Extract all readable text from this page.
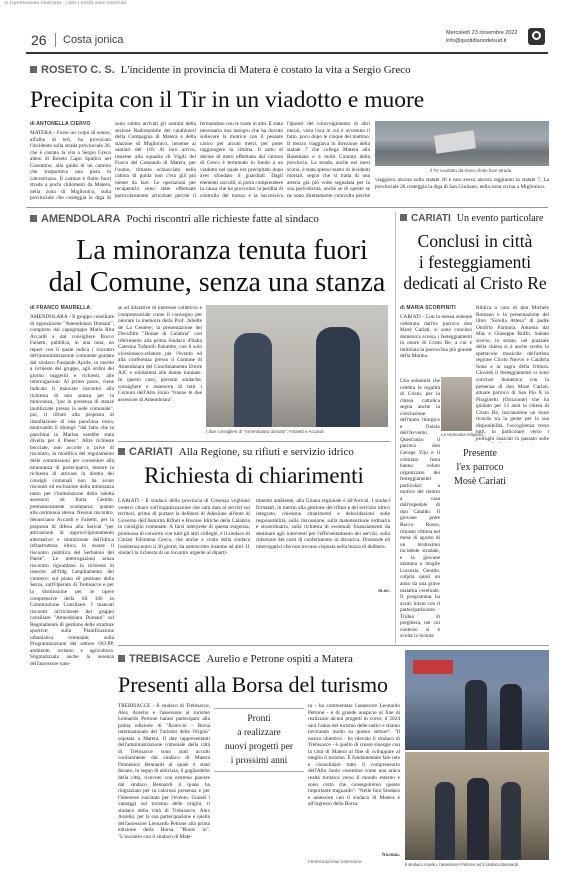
© riproduzione riservata - Tutti i diritti sono riservati
26 Costa jonica
Mercoledì 23 novembre 2022
info@quotidianodelsud.it
ROSETO C. S. L'incidente in provincia di Matera è costato la vita a Sergio Greco
Precipita con il Tir in un viadotto e muore
di ANTONELLA CIERVO
MATERA - Forse un colpo di sonno, all'alba di ieri, ha provocato l'incidente sulla strada provinciale 26, che è costato la vita a Sergio Greco aleno di Roseto Capo Spulico nel Cosentino, alla guida di un camion che trasportava una pista in calcestruzzo. Il camion è finito fuori strada a pochi chilometri da Matera, nella zona di Miglionico, sulla provinciale che costeggia la diga di
sono subito arrivati gli uomini della sezione Radiomobile dei carabinieri della Compagnia di Matera e della stazione di Miglionico, insieme ai sanitari del 118. Al loro arrivo, insieme alla squadra di Vigili del Fuoco del Comando di Matera, per l'uomo, rimasto schiacciato nella cabina di guida non c'era già più niente da fare. Le operazioni per recuperarlo sono state effettuate particolarmente articolate perché il
fermandose con le ruote in alto. È stata necessaria una autogru che ha dovuto sollevare la motrice con il pesante carico per alcuni metri, per poter raggiungere la vittima. Il salto di decine di metri effettuato dal camion di Greco è terminato in fondo a un viadotto nel quale era precipitato dopo aver sfondato il guardrail. Dagli elementi raccolti, si potrà comprendere la causa che ha provocato la perdita di controllo del mezzo e la successiva
l'ipotesi del coinvolgimento di altri mezzi, vista l'ora in cui è avvenuto il fatto, poco dopo le cinque del mattino. Il mezzo viaggiava in direzione della statale 7 che collega Matera alla Basentana e a molti Comuni della provincia. La strada, anche nei mesi scorsi, è stata spesso teatro di incidenti mortali, segno che si tratta di una arteria già più volte segnalata per la sua pericolosità, anche se di questo se ne sono direttamente coinvolta perché
Il Tir condotto da Greco finito fuori strada
viaggiava ancora sulla statale 26 e non aveva ancora raggiunto la statale 7. La provinciale 26 costeggia la diga di San Giuliano, nella zona vicina a Miglionico.
AMENDOLARA Pochi riscontri alle richieste fatte al sindaco
La minoranza tenuta fuori
dal Comune, senza una stanza
di FRANCO MAURELLA
AMENDOLARA - Il gruppo consiliare di opposizione "Amendolara Domani", composto dal capogruppo Maria Rita Accardi e dal consigliere Rocco Falsetti, pubblica, in una nota, un report con il quale indica i riscontri dell'amministrazione comunale guidata dal sindaco Pasquale Aprile, in merito a richieste del gruppo, agli ordini del giorno suggeriti e richiesti, alle interrogazioni. Al primo posto, viene indicato il mancato riscontro alla richiesta di una stanza per la minoranza, "pur in presenza di stanze inutilizzate presso la sede comunale", poi, il rifiuto alla proposta di installazione di una panchina rossa, motivando il diniego "dal fatto che la panchina in Marina sarebbe stata divelta per il Paese". Altre richieste bocciate, non accolte o prive di riscontro, la modifica del regolamento delle commissioni per consentire alla minoranza di parteciparvi, mentre la richiesta di attivare la diretta dei consigli comunali non ha avuto riscontri ed esclusione della minoranza tanto per l'intitolazione della saletta assessori ad Ilaria Gentile, prematuramente scomparsa; quanto alla cerimonia stessa. Nessun riscontro, denunciano Accardi e Falsetti, per la proposta di difesa alla Sorical "per attivazione di approvvigionamento alternativo e immissione dell'idrica infrastruttura idrica in essere il riscontro pubblica del Serbatoio del Paese". Le interrogazioni senza riscontro riguardano la richiesta di inserire all'Odg l'ampliamento del cimitero; sul piano di gestione della Sezza, sull'Operato di Trebisacce e per la dismissione per le opere comprensive della SS 106 in Commissione Consiliare. I mancati riscontri all'richieste del gruppo consiliare "Amendolara Domani" sul Regolamento di gestione delle strutture sportive; sulla Pianificazione urbanistica comunale; sulla Programmazione del settore OO.PP, ambiente, turismo e agricoltura. Stigmatizzata anche la assenza dell'assessore nato-
se ad iniziative di interesse collettivo e comprensoriale come il convegno per onorare la memoria della Prof. Juliette de La Genière; la presentazione del Docufilm "Donne di Calabria" con riferimento alla prima Sindaco d'Italia Caterina Tufarelli Palumbo, con il solo vicesindaco-relatore per l'evento ed alla conferenza presso il Comune di Amendolara del Coordinamento Ettore AJC e solidarietà alle donne iraniane. In questo caso, presenti sindache, consigliere e assessore di tutti i Comuni dell'Alto Jonio "tranne le due assessore di Amendolara".
I due consiglieri di "Amendolara domani", Falsetti e Accardi
CARIATI Un evento particolare
Conclusi in città
i festeggiamenti
dedicati al Cristo Re
di MARIA SCORPINITI
CARIATI - Con la messa solenne celebrata dall'ex parroco don Mosè Cariati, si sono conclusi domenica scorsa i festeggiamenti in onore di Cristo Re, a cui è intitolata la parrocchia più grande della Marina.
Una solennità che celebra la regalità di Cristo, per la chiesa cattolica segna anche la conclusione dell'anno liturgico e l'inizio dell'Avvento. Quest'anno il parroco don George Yiju e il comitato festa hanno voluto organizzare dei festeggiamenti particolari a motivo del rientro a casa dall'ospedale di don Cataldo. Il giovane prete Rocco Russo, rimasto vittima nel mese di agosto di un brutissimo incidente stradale, e la giovane mamma e moglie Lucrezia Gentile, colpita quasi un anno da una grave malattia cerebrale. Il programma ha avuto inizio con il partecipatissimo Triduo di preghiera, nel cui contesto si è svolta la Scuola
La cerimonia religiosa
Presente
l'ex parroco
Mosè Cariati
Biblica a cura di don Michele Romano e la presentazione del libro "Sorella Attesa" di padre Onofrio Farinola. Antonia dal Mas e Giuseppe Ruffo. Sabato scorso, in serata, nel piazzale della chiesa si è anche svolto lo spettacolo musicale dell'artista regione Cirolo Nuovo e Calabria Sona e la sagra della frittura. Giovedì il festeggiamenti si sono conclusi domenica con la presenza di don Mosè Cariati, attuale parroco di San Pio X in Piraginetti (Orizzonte) che ha guidato per 13 anni la chiesa di Cristo Re, lasciandone un buon ricordo tra la gente per la sua disponibilità, l'accoglienza verso tutti, in particolare verso i profughi sbarcati in passato sulle
CARIATI Alla Regione, su rifiuti e servizio idrico
Richiesta di chiarimenti
CARIATI - Il sindaco della provincia di Cosenza vogliono vederci chiaro sull'organizzazione che sarà data ai servizi sui territori, primo di portare la delibera di Adesione all'ente di Governo dell'Autorità Rifiuti e Risorse Idriche della Calabria in consiglio comunale. A farsi interprete di questa esigenza, promossa di concerto con tutti gli altri colleghi, è il sindaco di Cariati Filomena Greco, che anche a visita della sindaca l'esistenza entro il 30 giorni, ha sottoscritto insieme ad altri 31 sindaci la richiesta di un incontro urgente al diparti-
timento ambiente, alla Giunta regionale e all'Arrical. I sindaci firmatari, in merito alla gestione dei rifiuti e del servizio idrico integrato, chiedono chiarimenti e delucidazioni sulle responsabilità, sulla riscossione, sulla manutenzione ordinaria e straordinaria, sulla richiesta di eventuali finanziamenti da destinare agli interventi per l'efficientamento dei servizi, sulla riduzione dei costi di conferimento in discarica. Domande ed interrogativi che non trovano risposta nella bozza di delibera.
m.sc.
TREBISACCE Aurelio e Petrone ospiti a Matera
Presenti alla Borsa del turismo
TREBISACCE - Il sindaco di Trebisacce, Alex Aurelio e l'assessore al turismo Leonardo Petrone hanno partecipato alla prima edizione di "Roots-in - Borsa internazionale dei Turismo delle Origini" ospitata a Matera. Il due rappresentanti dell'amministrazione comunale della città di Trebisacce sono stati accolti cordialmente dal sindaco di Matera Domenico Bennardi al quale è stato donato, in segno di amicizia, il gagliardetto della città, ricevuto con estremo piacere dal sindaco Bennardi il quale ha ringraziato per la calorosa presenza e per l'interesse suscitato per l'evento. Grandi i vantaggi sul turismo delle origini, il sindaco della città di Trebisacce, Alex Aurelio, per la sua partecipazione e quella dell'assessore Leonardo Petrone alla prima edizione della Borsa "Roots in". "L'incontro con il sindaco di Mate-
Pronti
a realizzare
nuovi progetti per
i prossimi anni
ra - ha commentato l'assessore Leonardo Petrone - è di grande auspicio al fine di realizzare alcuni progetti in corso; il 2024 sarà l'anno del turismo delle radici e stiamo lavorando molto su questo settore". "Il nostro obiettivo - ha rilevato il sindaco di Trebisacce - è quello di creare sinergie con la città di Matera al fine di sviluppare al meglio il turismo. È fondamentale fare rete e consolidare tutto il comprensorio dell'Alto Jonio cosentino come una unica realtà turistica verso il mondo esterno e sono certo che conseguiremo questo importante traguardo". "Nelle foto Sindaco e assessore con il sindaco di Matera e all'ingresso della Borsa.
fra.mau.
©RIPRODUZIONE RISERVATA	Il sindaco Aurelio, l'assessore Petrone ed il sindaco Bennardi
